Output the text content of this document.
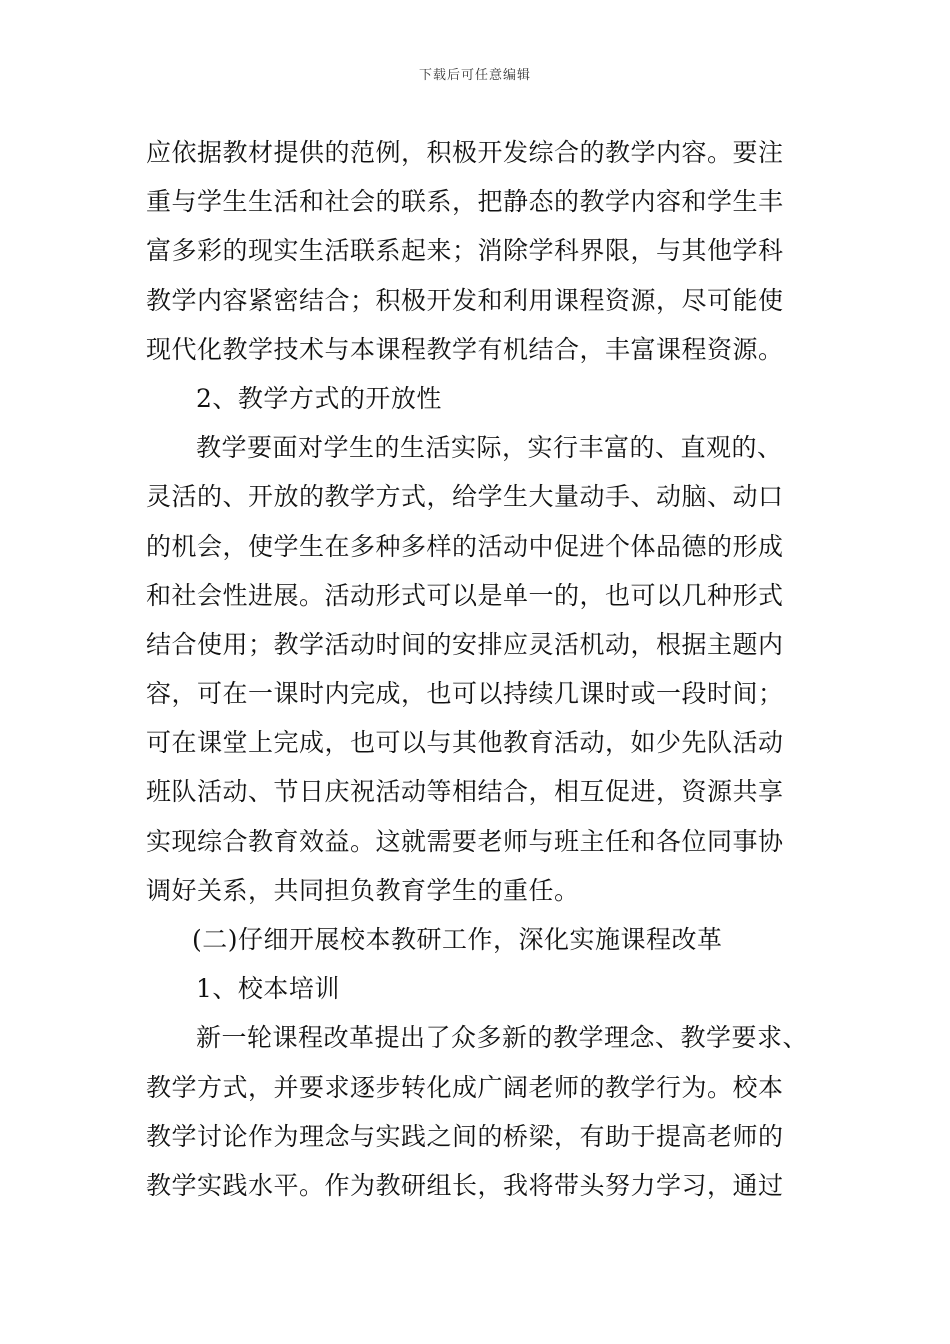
下载后可任意编辑
应依据教材提供的范例，积极开发综合的教学内容。要注
重与学生生活和社会的联系，把静态的教学内容和学生丰
富多彩的现实生活联系起来；消除学科界限，与其他学科
教学内容紧密结合；积极开发和利用课程资源，尽可能使
现代化教学技术与本课程教学有机结合，丰富课程资源。
2、教学方式的开放性
教学要面对学生的生活实际，实行丰富的、直观的、
灵活的、开放的教学方式，给学生大量动手、动脑、动口
的机会，使学生在多种多样的活动中促进个体品德的形成
和社会性进展。活动形式可以是单一的，也可以几种形式
结合使用；教学活动时间的安排应灵活机动，根据主题内
容，可在一课时内完成，也可以持续几课时或一段时间；
可在课堂上完成，也可以与其他教育活动，如少先队活动
班队活动、节日庆祝活动等相结合，相互促进，资源共享
实现综合教育效益。这就需要老师与班主任和各位同事协
调好关系，共同担负教育学生的重任。
(二)仔细开展校本教研工作，深化实施课程改革
1、校本培训
新一轮课程改革提出了众多新的教学理念、教学要求、
教学方式，并要求逐步转化成广阔老师的教学行为。校本
教学讨论作为理念与实践之间的桥梁，有助于提高老师的
教学实践水平。作为教研组长，我将带头努力学习，通过
